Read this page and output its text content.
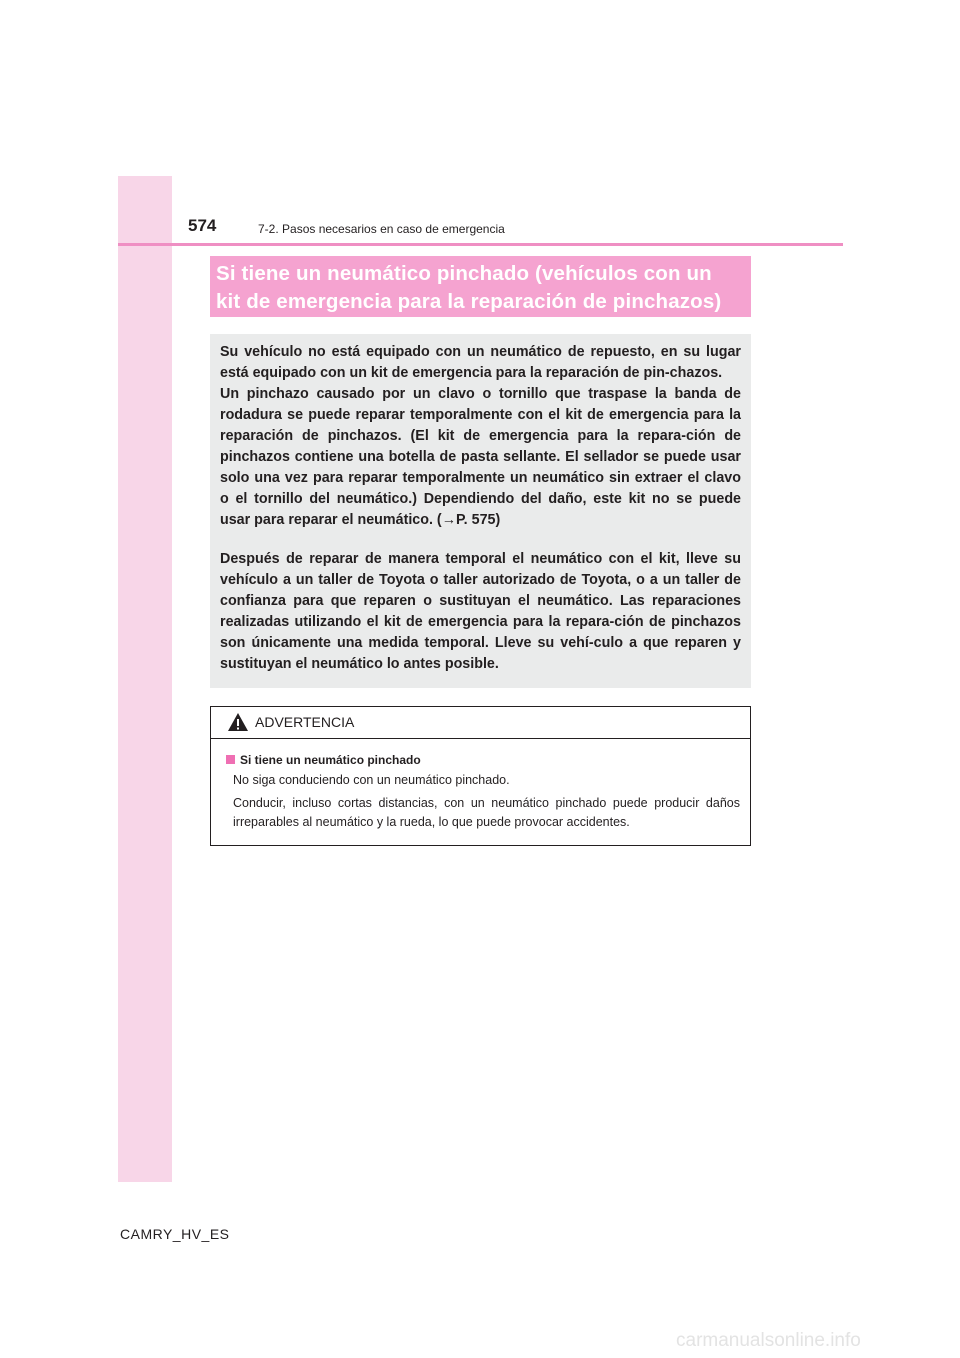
574	7-2. Pasos necesarios en caso de emergencia
Si tiene un neumático pinchado (vehículos con un
kit de emergencia para la reparación de pinchazos)

Su vehículo no está equipado con un neumático de repuesto, en su lugar está equipado con un kit de emergencia para la reparación de pin-chazos.
Un pinchazo causado por un clavo o tornillo que traspase la banda de rodadura se puede reparar temporalmente con el kit de emergencia para la reparación de pinchazos. (El kit de emergencia para la repara-ción de pinchazos contiene una botella de pasta sellante. El sellador se puede usar solo una vez para reparar temporalmente un neumático sin extraer el clavo o el tornillo del neumático.) Dependiendo del daño, este kit no se puede usar para reparar el neumático. (→P. 575)

Después de reparar de manera temporal el neumático con el kit, lleve su vehículo a un taller de Toyota o taller autorizado de Toyota, o a un taller de confianza para que reparen o sustituyan el neumático. Las reparaciones realizadas utilizando el kit de emergencia para la repara-ción de pinchazos son únicamente una medida temporal. Lleve su vehí-culo a que reparen y sustituyan el neumático lo antes posible.

ADVERTENCIA
Si tiene un neumático pinchado

No siga conduciendo con un neumático pinchado.

Conducir, incluso cortas distancias, con un neumático pinchado puede producir daños irreparables al neumático y la rueda, lo que puede provocar accidentes.

CAMRY_HV_ES
carmanualsonline.info
